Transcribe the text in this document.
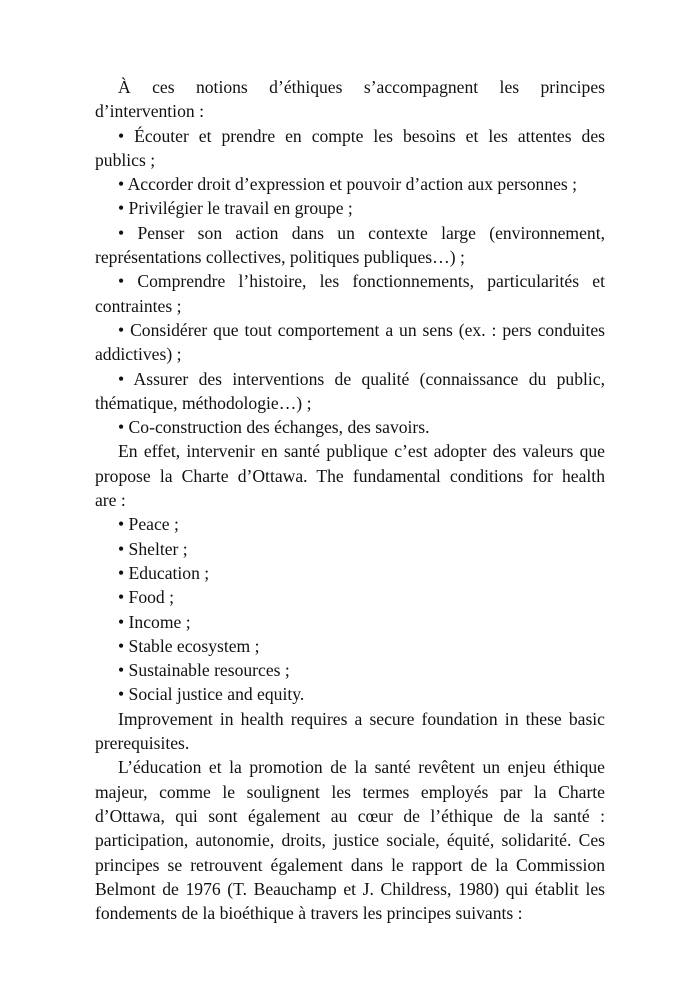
À ces notions d’éthiques s’accompagnent les principes
d’intervention :
• Écouter et prendre en compte les besoins et les attentes des
publics ;
• Accorder droit d’expression et pouvoir d’action aux personnes ;
• Privilégier le travail en groupe ;
• Penser son action dans un contexte large (environnement,
représentations collectives, politiques publiques…) ;
• Comprendre l’histoire, les fonctionnements, particularités et
contraintes ;
• Considérer que tout comportement a un sens (ex. : pers conduites
addictives) ;
• Assurer des interventions de qualité (connaissance du public,
thématique, méthodologie…) ;
• Co-construction des échanges, des savoirs.
En effet, intervenir en santé publique c’est adopter des valeurs que
propose la Charte d’Ottawa. The fundamental conditions for health
are :
• Peace ;
• Shelter ;
• Education ;
• Food ;
• Income ;
• Stable ecosystem ;
• Sustainable resources ;
• Social justice and equity.
Improvement in health requires a secure foundation in these basic
prerequisites.
L’éducation et la promotion de la santé revêtent un enjeu éthique
majeur, comme le soulignent les termes employés par la Charte
d’Ottawa, qui sont également au cœur de l’éthique de la santé :
participation, autonomie, droits, justice sociale, équité, solidarité. Ces
principes se retrouvent également dans le rapport de la Commission
Belmont de 1976 (T. Beauchamp et J. Childress, 1980) qui établit les
fondements de la bioéthique à travers les principes suivants :
